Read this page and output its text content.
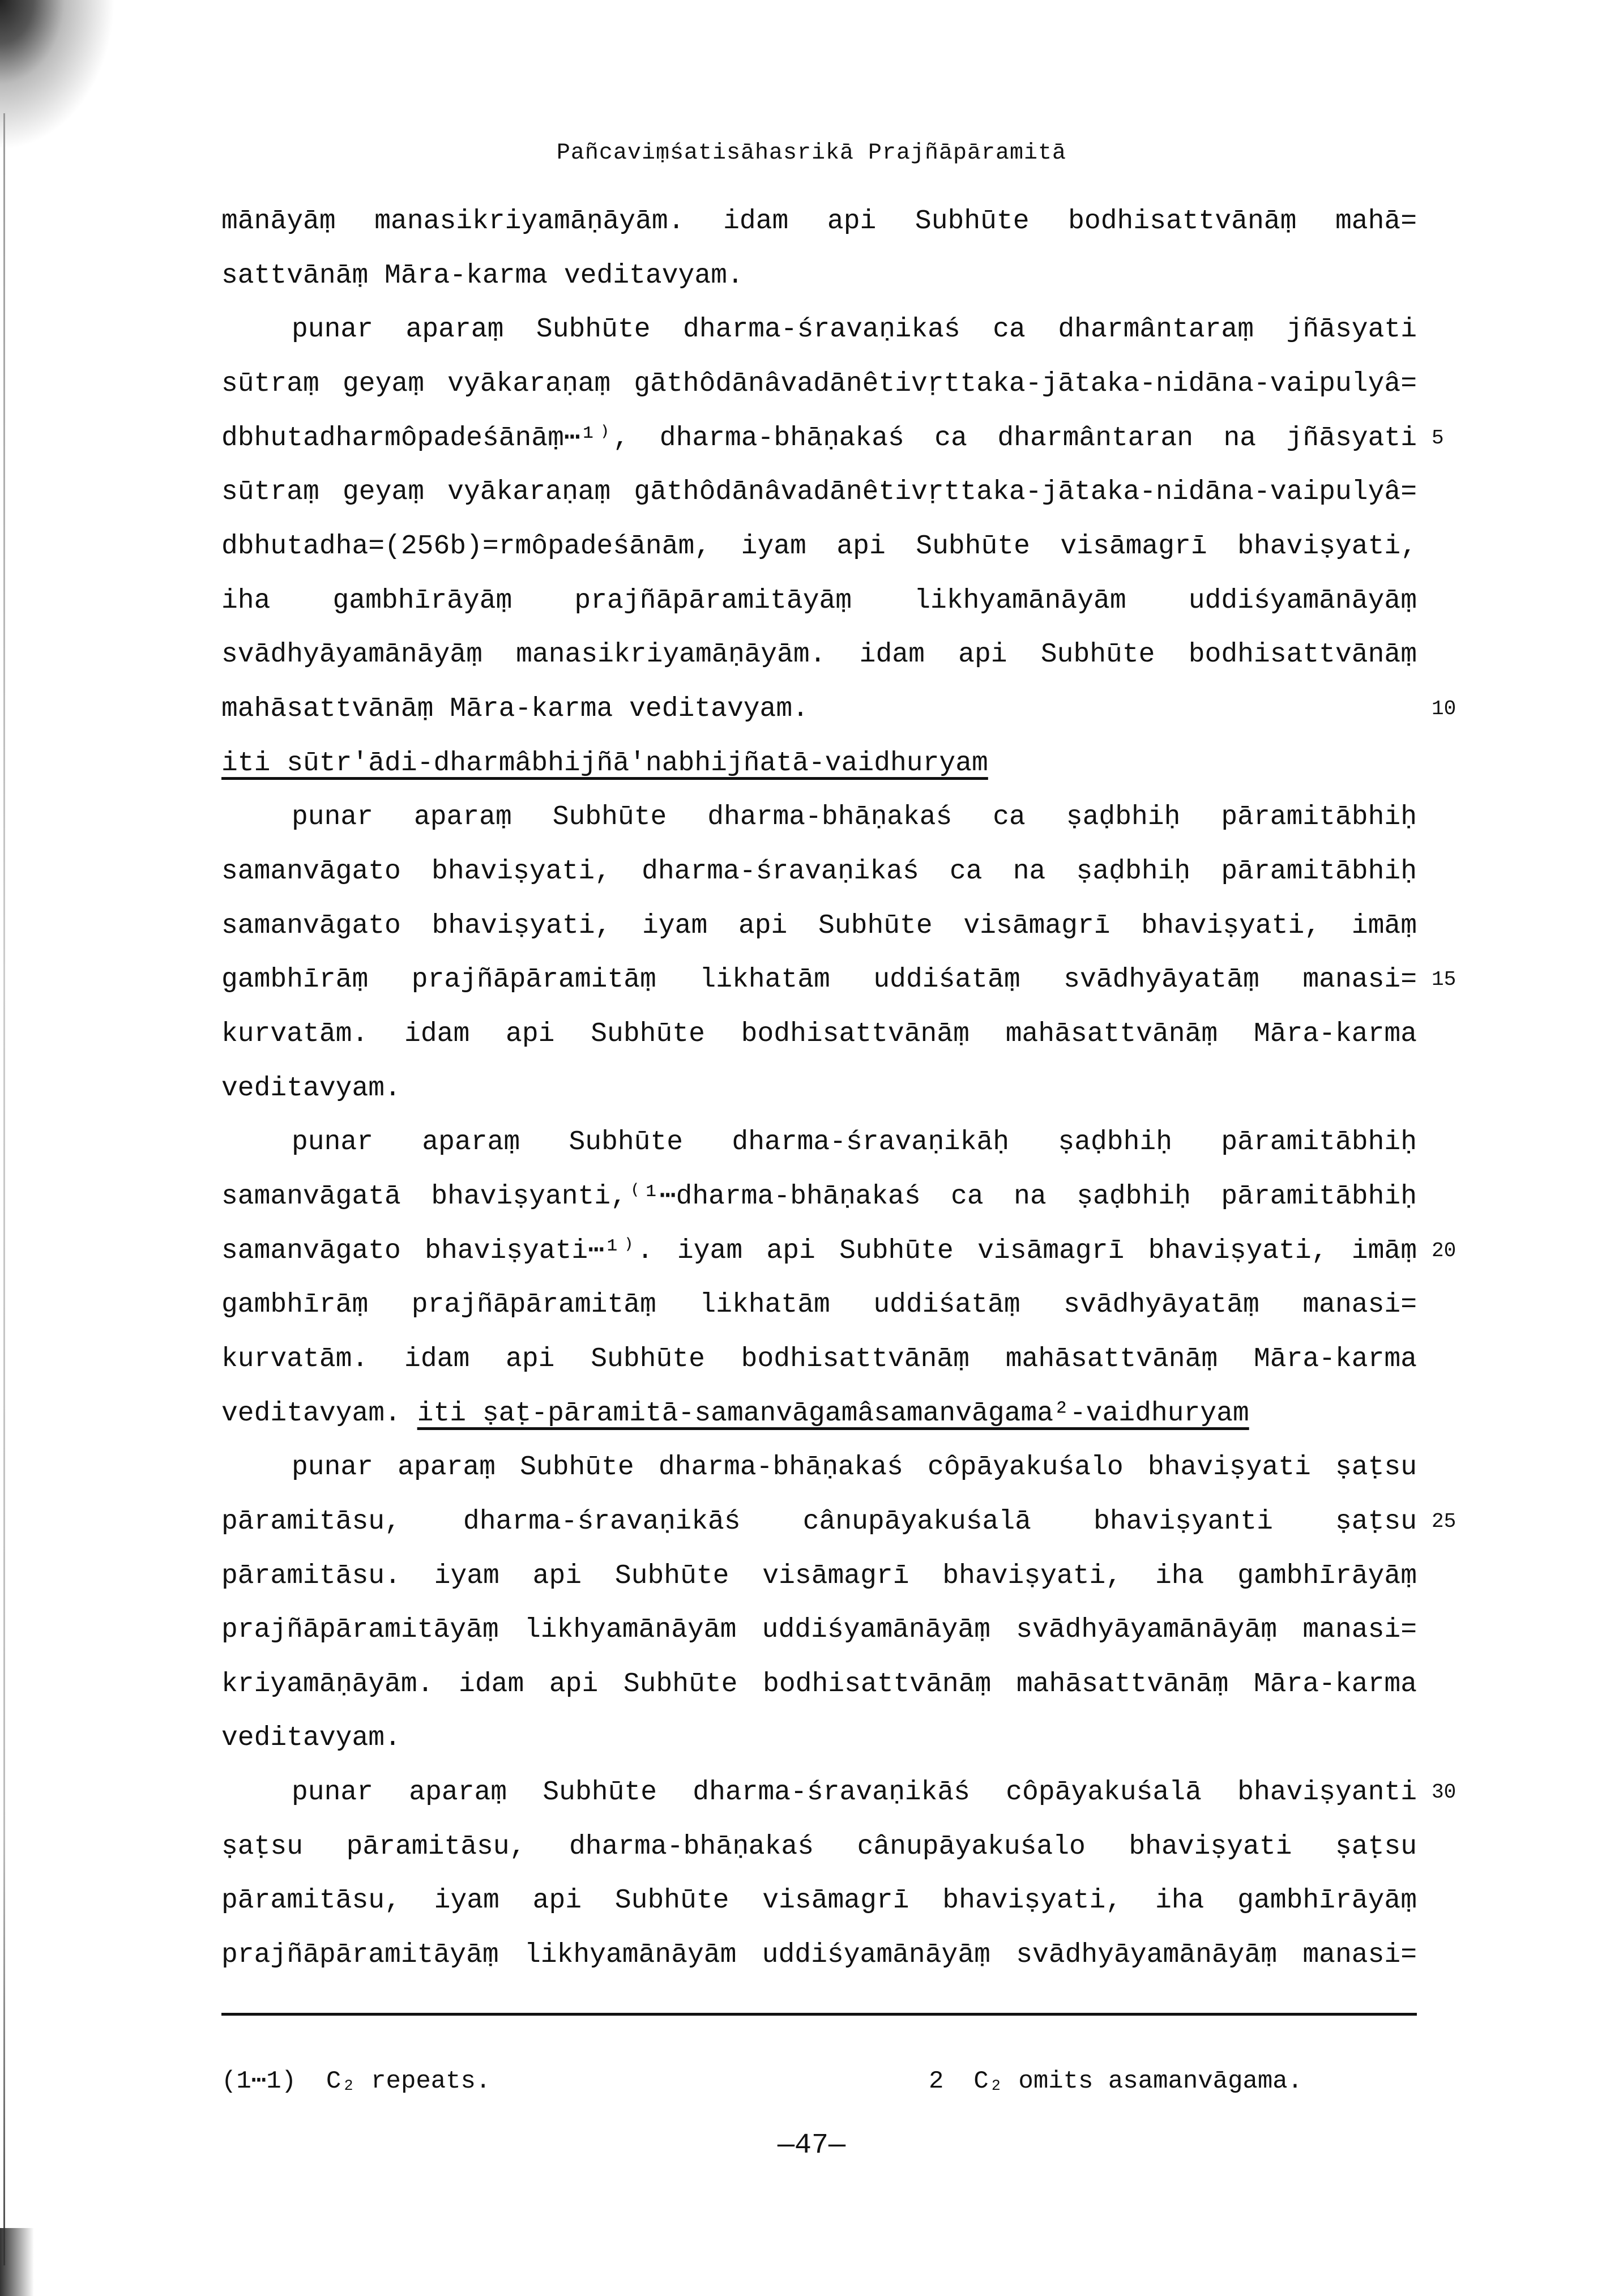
Pañcaviṃśatisāhasrikā Prajñāpāramitā
mānāyāṃ manasikriyamāṇāyām. idam api Subhūte bodhisattvānāṃ mahā=
sattvānāṃ Māra-karma veditavyam.
punar aparaṃ Subhūte dharma-śravaṇikaś ca dharmântaraṃ jñāsyati
sūtraṃ geyaṃ vyākaraṇaṃ gāthôdānâvadānêtivṛttaka-jātaka-nidāna-vaipulyâ=
dbhutadharmôpadeśānāṃ⋯¹⁾, dharma-bhāṇakaś ca dharmântaran na jñāsyati 5
sūtraṃ geyaṃ vyākaraṇaṃ gāthôdānâvadānêtivṛttaka-jātaka-nidāna-vaipulyâ=
dbhutadha=(256b)=rmôpadeśānām, iyam api Subhūte visāmagrī bhaviṣyati,
iha gambhīrāyāṃ prajñāpāramitāyāṃ likhyamānāyām uddiśyamānāyāṃ
svādhyāyamānāyāṃ manasikriyamāṇāyām. idam api Subhūte bodhisattvānāṃ
mahāsattvānāṃ Māra-karma veditavyam.	10
iti sūtr'ādi-dharmâbhijñā'nabhijñatā-vaidhuryam
punar aparaṃ Subhūte dharma-bhāṇakaś ca ṣaḍbhiḥ pāramitābhiḥ
samanvāgato bhaviṣyati, dharma-śravaṇikaś ca na ṣaḍbhiḥ pāramitābhiḥ
samanvāgato bhaviṣyati, iyam api Subhūte visāmagrī bhaviṣyati, imāṃ
gambhīrāṃ prajñāpāramitāṃ likhatām uddiśatāṃ svādhyāyatāṃ manasi= 15
kurvatām. idam api Subhūte bodhisattvānāṃ mahāsattvānāṃ Māra-karma
veditavyam.
punar aparaṃ Subhūte dharma-śravaṇikāḥ ṣaḍbhiḥ pāramitābhiḥ
samanvāgatā bhaviṣyanti,⁽¹⋯dharma-bhāṇakaś ca na ṣaḍbhiḥ pāramitābhiḥ
samanvāgato bhaviṣyati⋯¹⁾. iyam api Subhūte visāmagrī bhaviṣyati, imāṃ 20
gambhīrāṃ prajñāpāramitāṃ likhatām uddiśatāṃ svādhyāyatāṃ manasi=
kurvatām. idam api Subhūte bodhisattvānāṃ mahāsattvānāṃ Māra-karma
veditavyam. iti ṣaṭ-pāramitā-samanvāgamâsamanvāgama²-vaidhuryam
punar aparaṃ Subhūte dharma-bhāṇakaś côpāyakuśalo bhaviṣyati ṣaṭsu
pāramitāsu, dharma-śravaṇikāś cânupāyakuśalā bhaviṣyanti ṣaṭsu 25
pāramitāsu. iyam api Subhūte visāmagrī bhaviṣyati, iha gambhīrāyāṃ
prajñāpāramitāyāṃ likhyamānāyām uddiśyamānāyāṃ svādhyāyamānāyāṃ manasi=
kriyamāṇāyām. idam api Subhūte bodhisattvānāṃ mahāsattvānāṃ Māra-karma
veditavyam.
punar aparaṃ Subhūte dharma-śravaṇikāś côpāyakuśalā bhaviṣyanti 30
ṣaṭsu pāramitāsu, dharma-bhāṇakaś cânupāyakuśalo bhaviṣyati ṣaṭsu
pāramitāsu, iyam api Subhūte visāmagrī bhaviṣyati, iha gambhīrāyāṃ
prajñāpāramitāyāṃ likhyamānāyām uddiśyamānāyāṃ svādhyāyamānāyāṃ manasi=
(1⋯1)  C₂ repeats.	2  C₂ omits asamanvāgama.
—47—
